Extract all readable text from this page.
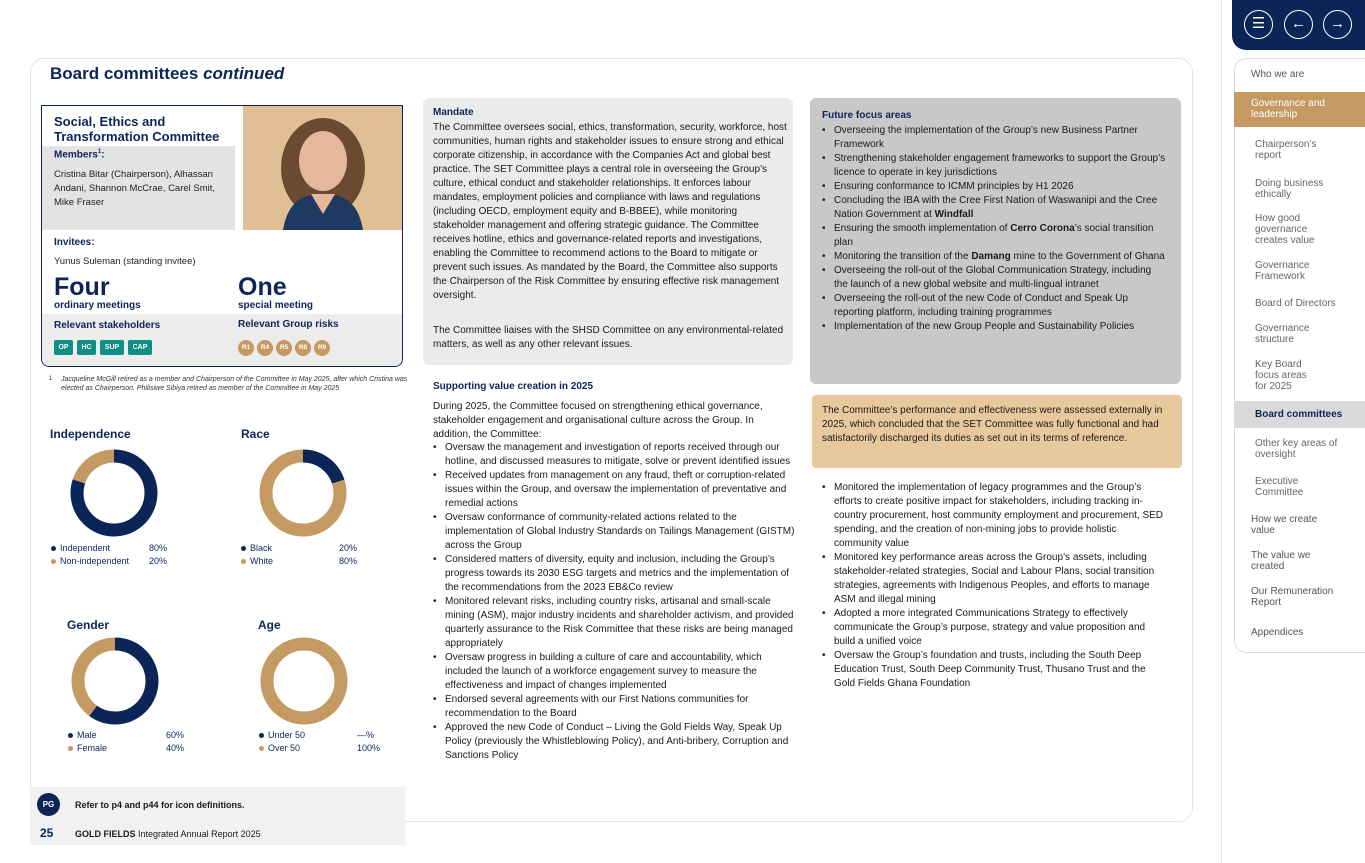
Board committees continued
Social, Ethics and Transformation Committee
Members$^1$:
Cristina Bitar (Chairperson), Alhassan Andani, Shannon McCrae, Carel Smit, Mike Fraser
Invitees:
Yunus Suleman (standing invitee)
Four
ordinary meetings
One
special meeting
Relevant stakeholders	Relevant Group risks
OP	HC	SUP	CAP	R1	R4	R5	R8	R9
1	Jacqueline McGill retired as a member and Chairperson of the Committee in May 2025, after which Cristina was elected as Chairperson. Philisiwe Sibiya retired as member of the Committee in May 2025
Independence
Independent	80%
Non-independent 20%
Race
Black	20%
White	80%
Gender
Male	60%
Female	40%
Age
Under 50	—%
Over 50	100%
PG	Refer to p4 and p44 for icon definitions.
25 GOLD FIELDS Integrated Annual Report 2025
Mandate
The Committee oversees social, ethics, transformation, security, workforce, host communities, human rights and stakeholder issues to ensure strong and ethical corporate citizenship, in accordance with the Companies Act and global best practice. The SET Committee plays a central role in overseeing the Group’s culture, ethical conduct and stakeholder relationships. It enforces labour mandates, employment policies and compliance with laws and regulations (including OECD, employment equity and B-BBEE), while monitoring stakeholder management and offering strategic guidance. The Committee receives hotline, ethics and governance-related reports and investigations, enabling the Committee to recommend actions to the Board to mitigate or prevent such issues. As mandated by the Board, the Committee also supports the Chairperson of the Risk Committee by ensuring effective risk management oversight.
The Committee liaises with the SHSD Committee on any environmental-related matters, as well as any other relevant issues.
Supporting value creation in 2025
During 2025, the Committee focused on strengthening ethical governance, stakeholder engagement and organisational culture across the Group. In addition, the Committee:
• Oversaw the management and investigation of reports received through our hotline, and discussed measures to mitigate, solve or prevent identified issues
• Received updates from management on any fraud, theft or corruption-related issues within the Group, and oversaw the implementation of preventative and remedial actions
• Oversaw conformance of community-related actions related to the implementation of Global Industry Standards on Tailings Management (GISTM) across the Group
• Considered matters of diversity, equity and inclusion, including the Group’s progress towards its 2030 ESG targets and metrics and the implementation of the recommendations from the 2023 EB&Co review
• Monitored relevant risks, including country risks, artisanal and small-scale mining (ASM), major industry incidents and shareholder activism, and provided quarterly assurance to the Risk Committee that these risks are being managed appropriately
• Oversaw progress in building a culture of care and accountability, which included the launch of a workforce engagement survey to measure the effectiveness and impact of changes implemented
• Endorsed several agreements with our First Nations communities for recommendation to the Board
• Approved the new Code of Conduct – Living the Gold Fields Way, Speak Up Policy (previously the Whistleblowing Policy), and Anti-bribery, Corruption and Sanctions Policy
Future focus areas
• Overseeing the implementation of the Group’s new Business Partner Framework
• Strengthening stakeholder engagement frameworks to support the Group’s licence to operate in key jurisdictions
• Ensuring conformance to ICMM principles by H1 2026
• Concluding the IBA with the Cree First Nation of Waswanipi and the Cree Nation Government at Windfall
• Ensuring the smooth implementation of Cerro Corona’s social transition plan
• Monitoring the transition of the Damang mine to the Government of Ghana
• Overseeing the roll-out of the Global Communication Strategy, including the launch of a new global website and multi-lingual intranet
• Overseeing the roll-out of the new Code of Conduct and Speak Up reporting platform, including training programmes
• Implementation of the new Group People and Sustainability Policies
The Committee’s performance and effectiveness were assessed externally in 2025, which concluded that the SET Committee was fully functional and had satisfactorily discharged its duties as set out in its terms of reference.
• Monitored the implementation of legacy programmes and the Group’s efforts to create positive impact for stakeholders, including tracking in-country procurement, host community employment and procurement, SED spending, and the creation of non-mining jobs to provide holistic community value
• Monitored key performance areas across the Group’s assets, including stakeholder-related strategies, Social and Labour Plans, social transition strategies, agreements with Indigenous Peoples, and efforts to manage ASM and illegal mining
• Adopted a more integrated Communications Strategy to effectively communicate the Group’s purpose, strategy and value proposition and build a unified voice
• Oversaw the Group’s foundation and trusts, including the South Deep Education Trust, South Deep Community Trust, Thusano Trust and the Gold Fields Ghana Foundation
☰	←	→
Who we are
Governance and leadership
Chairperson’s report
Doing business ethically
How good governance creates value
Governance Framework
Board of Directors
Governance structure
Key Board focus areas for 2025
Board committees
Other key areas of oversight
Executive Committee
How we create value
The value we created
Our Remuneration Report
Appendices
